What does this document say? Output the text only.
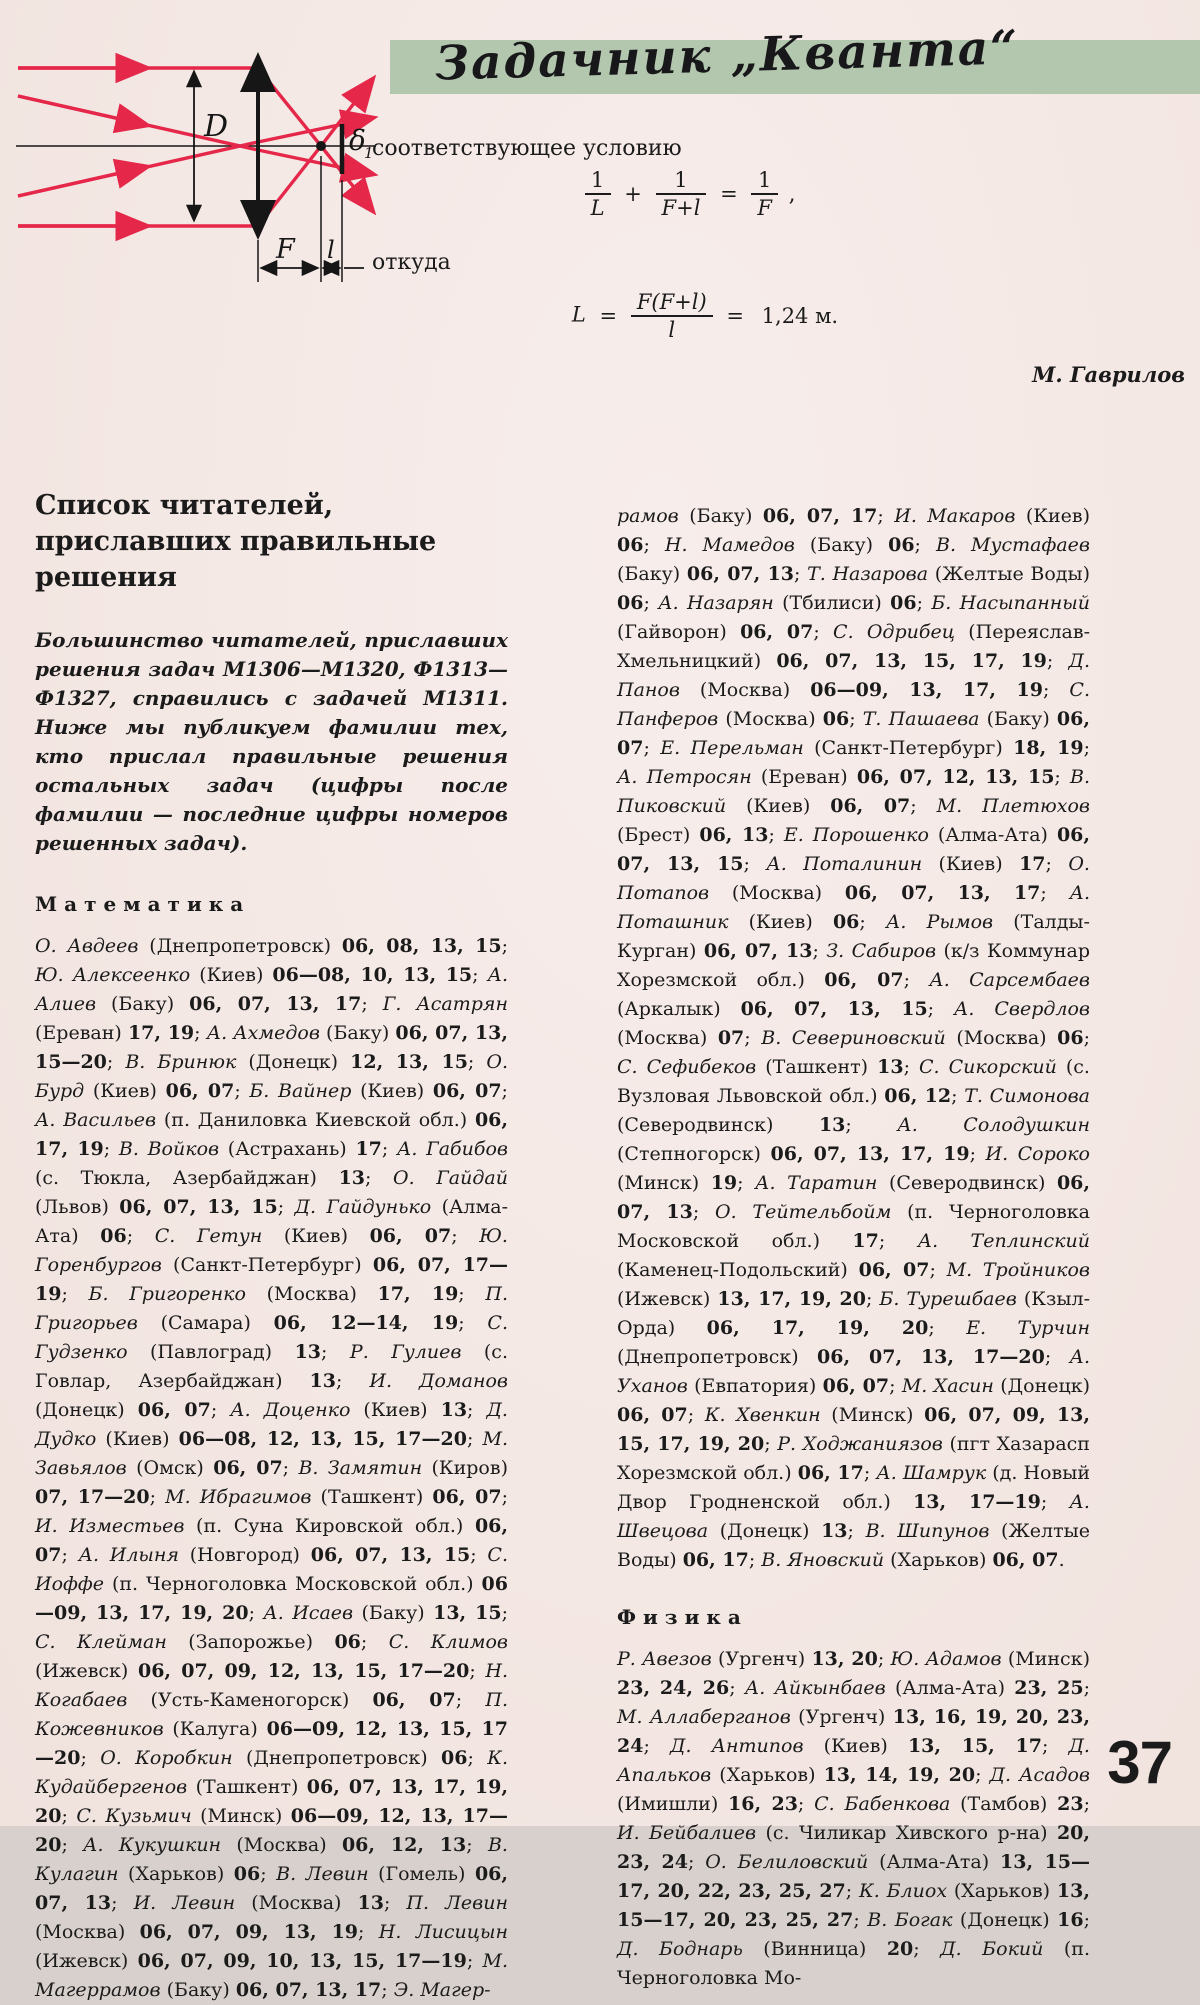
Задачник „Кванта“
D	δ
1
F l
соответствующее условию
$\frac{1}{L} + \frac{1}{F+l} = \frac{1}{F}$ ,
откуда
$L = \frac{F(F+l)}{l} = 1,24$ м.
М. Гаврилов
Список читателей,
приславших правильные решения

Большинство читателей, приславших решения задач М1306—М1320, Ф1313—Ф1327, справились с задачей М1311. Ниже мы публикуем фамилии тех, кто прислал правильные решения остальных задач (цифры после фамилии — последние цифры номеров решенных задач).

Математика

О. Авдеев (Днепропетровск) 06, 08, 13, 15; Ю. Алексеенко (Киев) 06—08, 10, 13, 15; А. Алиев (Баку) 06, 07, 13, 17; Г. Асатрян (Ереван) 17, 19; А. Ахмедов (Баку) 06, 07, 13, 15—20; В. Бринюк (Донецк) 12, 13, 15; О. Бурд (Киев) 06, 07; Б. Вайнер (Киев) 06, 07; А. Васильев (п. Даниловка Киевской обл.) 06, 17, 19; В. Войков (Астрахань) 17; А. Габибов (с. Тюкла, Азербайджан) 13; О. Гайдай (Львов) 06, 07, 13, 15; Д. Гайдунько (Алма-Ата) 06; С. Гетун (Киев) 06, 07; Ю. Горенбургов (Санкт-Петербург) 06, 07, 17—19; Б. Григоренко (Москва) 17, 19; П. Григорьев (Самара) 06, 12—14, 19; С. Гудзенко (Павлоград) 13; Р. Гулиев (с. Говлар, Азербайджан) 13; И. Доманов (Донецк) 06, 07; А. Доценко (Киев) 13; Д. Дудко (Киев) 06—08, 12, 13, 15, 17—20; М. Завьялов (Омск) 06, 07; В. Замятин (Киров) 07, 17—20; М. Ибрагимов (Ташкент) 06, 07; И. Изместьев (п. Суна Кировской обл.) 06, 07; А. Илыня (Новгород) 06, 07, 13, 15; С. Иоффе (п. Черноголовка Московской обл.) 06—09, 13, 17, 19, 20; А. Исаев (Баку) 13, 15; С. Клейман (Запорожье) 06; С. Климов (Ижевск) 06, 07, 09, 12, 13, 15, 17—20; Н. Когабаев (Усть-Каменогорск) 06, 07; П. Кожевников (Калуга) 06—09, 12, 13, 15, 17—20; О. Коробкин (Днепропетровск) 06; К. Кудайбергенов (Ташкент) 06, 07, 13, 17, 19, 20; С. Кузьмич (Минск) 06—09, 12, 13, 17—20; А. Кукушкин (Москва) 06, 12, 13; В. Кулагин (Харьков) 06; В. Левин (Гомель) 06, 07, 13; И. Левин (Москва) 13; П. Левин (Москва) 06, 07, 09, 13, 19; Н. Лисицын (Ижевск) 06, 07, 09, 10, 13, 15, 17—19; М. Магеррамов (Баку) 06, 07, 13, 17; Э. Магер-

рамов (Баку) 06, 07, 17; И. Макаров (Киев) 06; Н. Мамедов (Баку) 06; В. Мустафаев (Баку) 06, 07, 13; Т. Назарова (Желтые Воды) 06; А. Назарян (Тбилиси) 06; Б. Насыпанный (Гайворон) 06, 07; С. Одрибец (Переяслав-Хмельницкий) 06, 07, 13, 15, 17, 19; Д. Панов (Москва) 06—09, 13, 17, 19; С. Панферов (Москва) 06; Т. Пашаева (Баку) 06, 07; Е. Перельман (Санкт-Петербург) 18, 19; А. Петросян (Ереван) 06, 07, 12, 13, 15; В. Пиковский (Киев) 06, 07; М. Плетюхов (Брест) 06, 13; Е. Порошенко (Алма-Ата) 06, 07, 13, 15; А. Поталинин (Киев) 17; О. Потапов (Москва) 06, 07, 13, 17; А. Поташник (Киев) 06; А. Рымов (Талды-Курган) 06, 07, 13; З. Сабиров (к/з Коммунар Хорезмской обл.) 06, 07; А. Сарсембаев (Аркалык) 06, 07, 13, 15; А. Свердлов (Москва) 07; В. Севериновский (Москва) 06; С. Сефибеков (Ташкент) 13; С. Сикорский (с. Вузловая Львовской обл.) 06, 12; Т. Симонова (Северодвинск) 13; А. Солодушкин (Степногорск) 06, 07, 13, 17, 19; И. Сороко (Минск) 19; А. Таратин (Северодвинск) 06, 07, 13; О. Тейтельбойм (п. Черноголовка Московской обл.) 17; А. Теплинский (Каменец-Подольский) 06, 07; М. Тройников (Ижевск) 13, 17, 19, 20; Б. Турешбаев (Кзыл-Орда) 06, 17, 19, 20; Е. Турчин (Днепропетровск) 06, 07, 13, 17—20; А. Уханов (Евпатория) 06, 07; М. Хасин (Донецк) 06, 07; К. Хвенкин (Минск) 06, 07, 09, 13, 15, 17, 19, 20; Р. Ходжаниязов (пгт Хазарасп Хорезмской обл.) 06, 17; А. Шамрук (д. Новый Двор Гродненской обл.) 13, 17—19; А. Швецова (Донецк) 13; В. Шипунов (Желтые Воды) 06, 17; В. Яновский (Харьков) 06, 07.

Физика

Р. Авезов (Ургенч) 13, 20; Ю. Адамов (Минск) 23, 24, 26; А. Айкынбаев (Алма-Ата) 23, 25; М. Аллаберганов (Ургенч) 13, 16, 19, 20, 23, 24; Д. Антипов (Киев) 13, 15, 17; Д. Апальков (Харьков) 13, 14, 19, 20; Д. Асадов (Имишли) 16, 23; С. Бабенкова (Тамбов) 23; И. Бейбалиев (с. Чиликар Хивского р-на) 20, 23, 24; О. Белиловский (Алма-Ата) 13, 15—17, 20, 22, 23, 25, 27; К. Блиох (Харьков) 13, 15—17, 20, 23, 25, 27; В. Богак (Донецк) 16; Д. Боднарь (Винница) 20; Д. Бокий (п. Черноголовка Мо-

37
